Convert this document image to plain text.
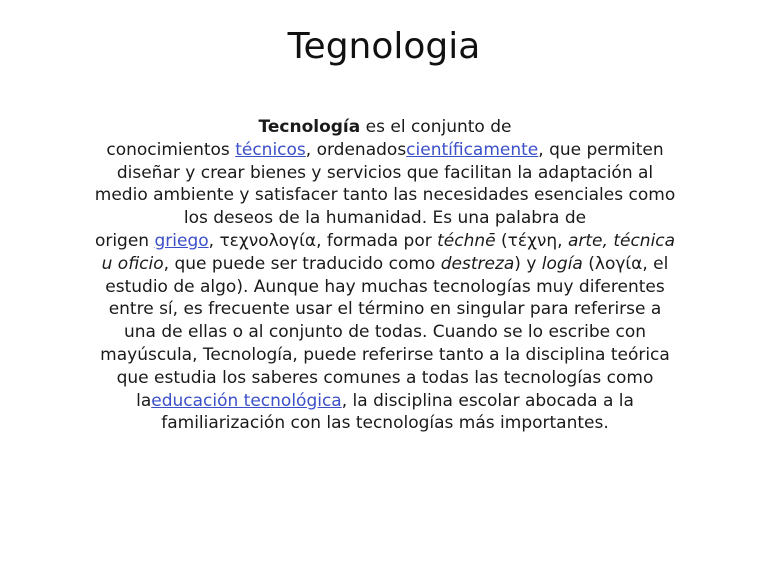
Tegnologia
Tecnología es el conjunto de
conocimientos técnicos, ordenadoscientíficamente, que permiten
diseñar y crear bienes y servicios que facilitan la adaptación al
medio ambiente y satisfacer tanto las necesidades esenciales como
los deseos de la humanidad. Es una palabra de
origen griego, τεχνολογία, formada por téchnē (τέχνη, arte, técnica
u oficio, que puede ser traducido como destreza) y logía (λογία, el
estudio de algo). Aunque hay muchas tecnologías muy diferentes
entre sí, es frecuente usar el término en singular para referirse a
una de ellas o al conjunto de todas. Cuando se lo escribe con
mayúscula, Tecnología, puede referirse tanto a la disciplina teórica
que estudia los saberes comunes a todas las tecnologías como
laeducación tecnológica, la disciplina escolar abocada a la
familiarización con las tecnologías más importantes.
